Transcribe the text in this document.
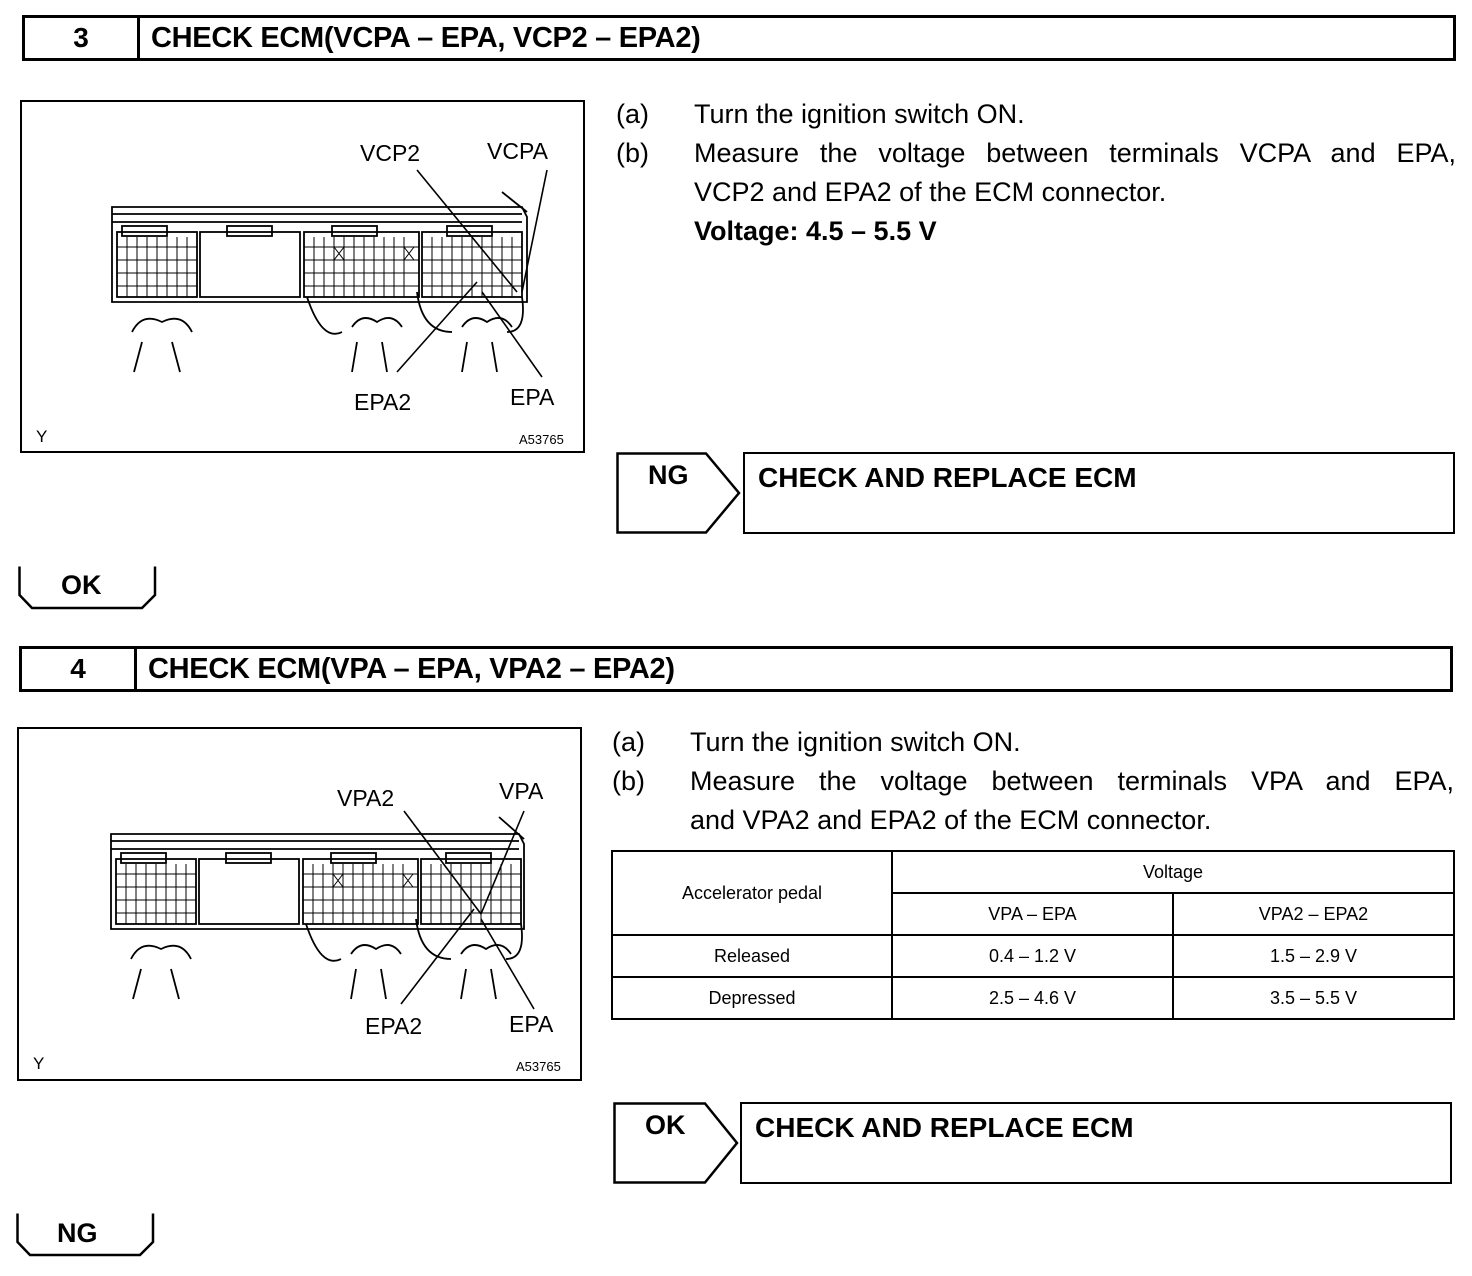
3	CHECK ECM(VCPA – EPA, VCP2 – EPA2)
VCP2	VCPA
EPA2	EPA
Y	A53765
(a)	Turn the ignition switch ON.
(b)	Measure the voltage between terminals VCPA and EPA,
VCP2 and EPA2 of the ECM connector.
Voltage: 4.5 – 5.5 V
NG CHECK AND REPLACE ECM
OK
4	CHECK ECM(VPA – EPA, VPA2 – EPA2)
VPA2	VPA
EPA2	EPA
Y	A53765
(a)	Turn the ignition switch ON.
(b)	Measure the voltage between terminals VPA and EPA,
and VPA2 and EPA2 of the ECM connector.
Accelerator pedal	Voltage	
	VPA – EPA	VPA2 – EPA2
Released	0.4 – 1.2 V	1.5 – 2.9 V
Depressed	2.5 – 4.6 V	3.5 – 5.5 V
OK CHECK AND REPLACE ECM
NG
